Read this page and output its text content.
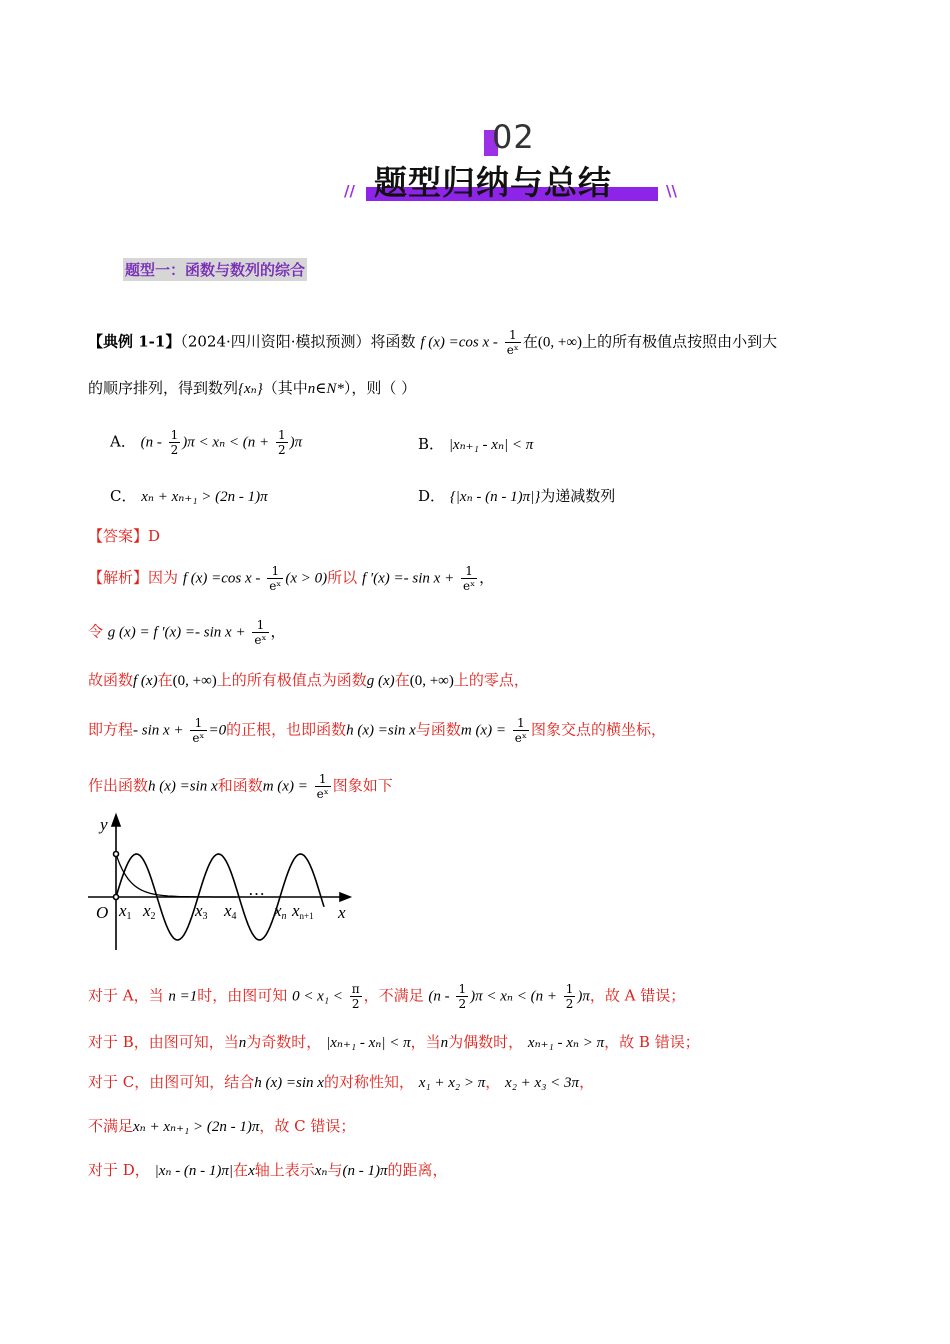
02
题型归纳与总结
//	\\
题型一：函数与数列的综合
【典例 1-1】（2024·四川资阳·模拟预测）将函数 f (x) =cos x - $\frac{1}{\text{eˣ}}$ 在(0, +∞)上的所有极值点按照由小到大
的顺序排列，得到数列{xₙ}（其中n∈N*），则（ ）
A． $(n - \frac{1}{2} )\pi < x_n < (n + \frac{1}{2} )\pi$	B． |xₙ₊₁ - xₙ| < π
C． xₙ + xₙ₊₁ > (2n - 1)π	D． {|xₙ - (n - 1)π|}为递减数列
【答案】D
【解析】因为 f (x) =cos $x - \frac{1}{\text{eˣ}} (x > 0)$所以 f $'(x) =- \sin x + \frac{1}{\text{eˣ}}$ ，
令 g (x) = f $'(x) =- \sin x + \frac{1}{\text{eˣ}}$ ，
故函数f (x)在(0, +∞)上的所有极值点为函数g (x)在(0, +∞)上的零点，
即方程- $\sin x + \frac{1}{\text{eˣ}} =0$的正根，也即函数h (x) =sin x与函数m $(x) = \frac{1}{\text{eˣ}}$ 图象交点的横坐标，
作出函数h (x) =sin x和函数m $(x) = \frac{1}{\text{eˣ}}$ 图象如下
y
x
O x1 x2 x3 x4
…
xn xn+1
对于 A，当 n =1时，由图可知 $0 < x_1 < \frac{\pi}{2}$ ，不满足 $(n - \frac{1}{2} )\pi < x_n < (n + \frac{1}{2} )\pi$，故 A 错误；
对于 B，由图可知，当n为奇数时， |xₙ₊₁ - xₙ| < π，当n为偶数时， xₙ₊₁ - xₙ > π，故 B 错误；
对于 C，由图可知，结合h (x) =sin x的对称性知， x₁ + x₂ > π， x₂ + x₃ < 3π，
不满足xₙ + xₙ₊₁ > (2n - 1)π，故 C 错误；
对于 D， |xₙ - (n - 1)π|在x轴上表示xₙ与(n - 1)π的距离，
